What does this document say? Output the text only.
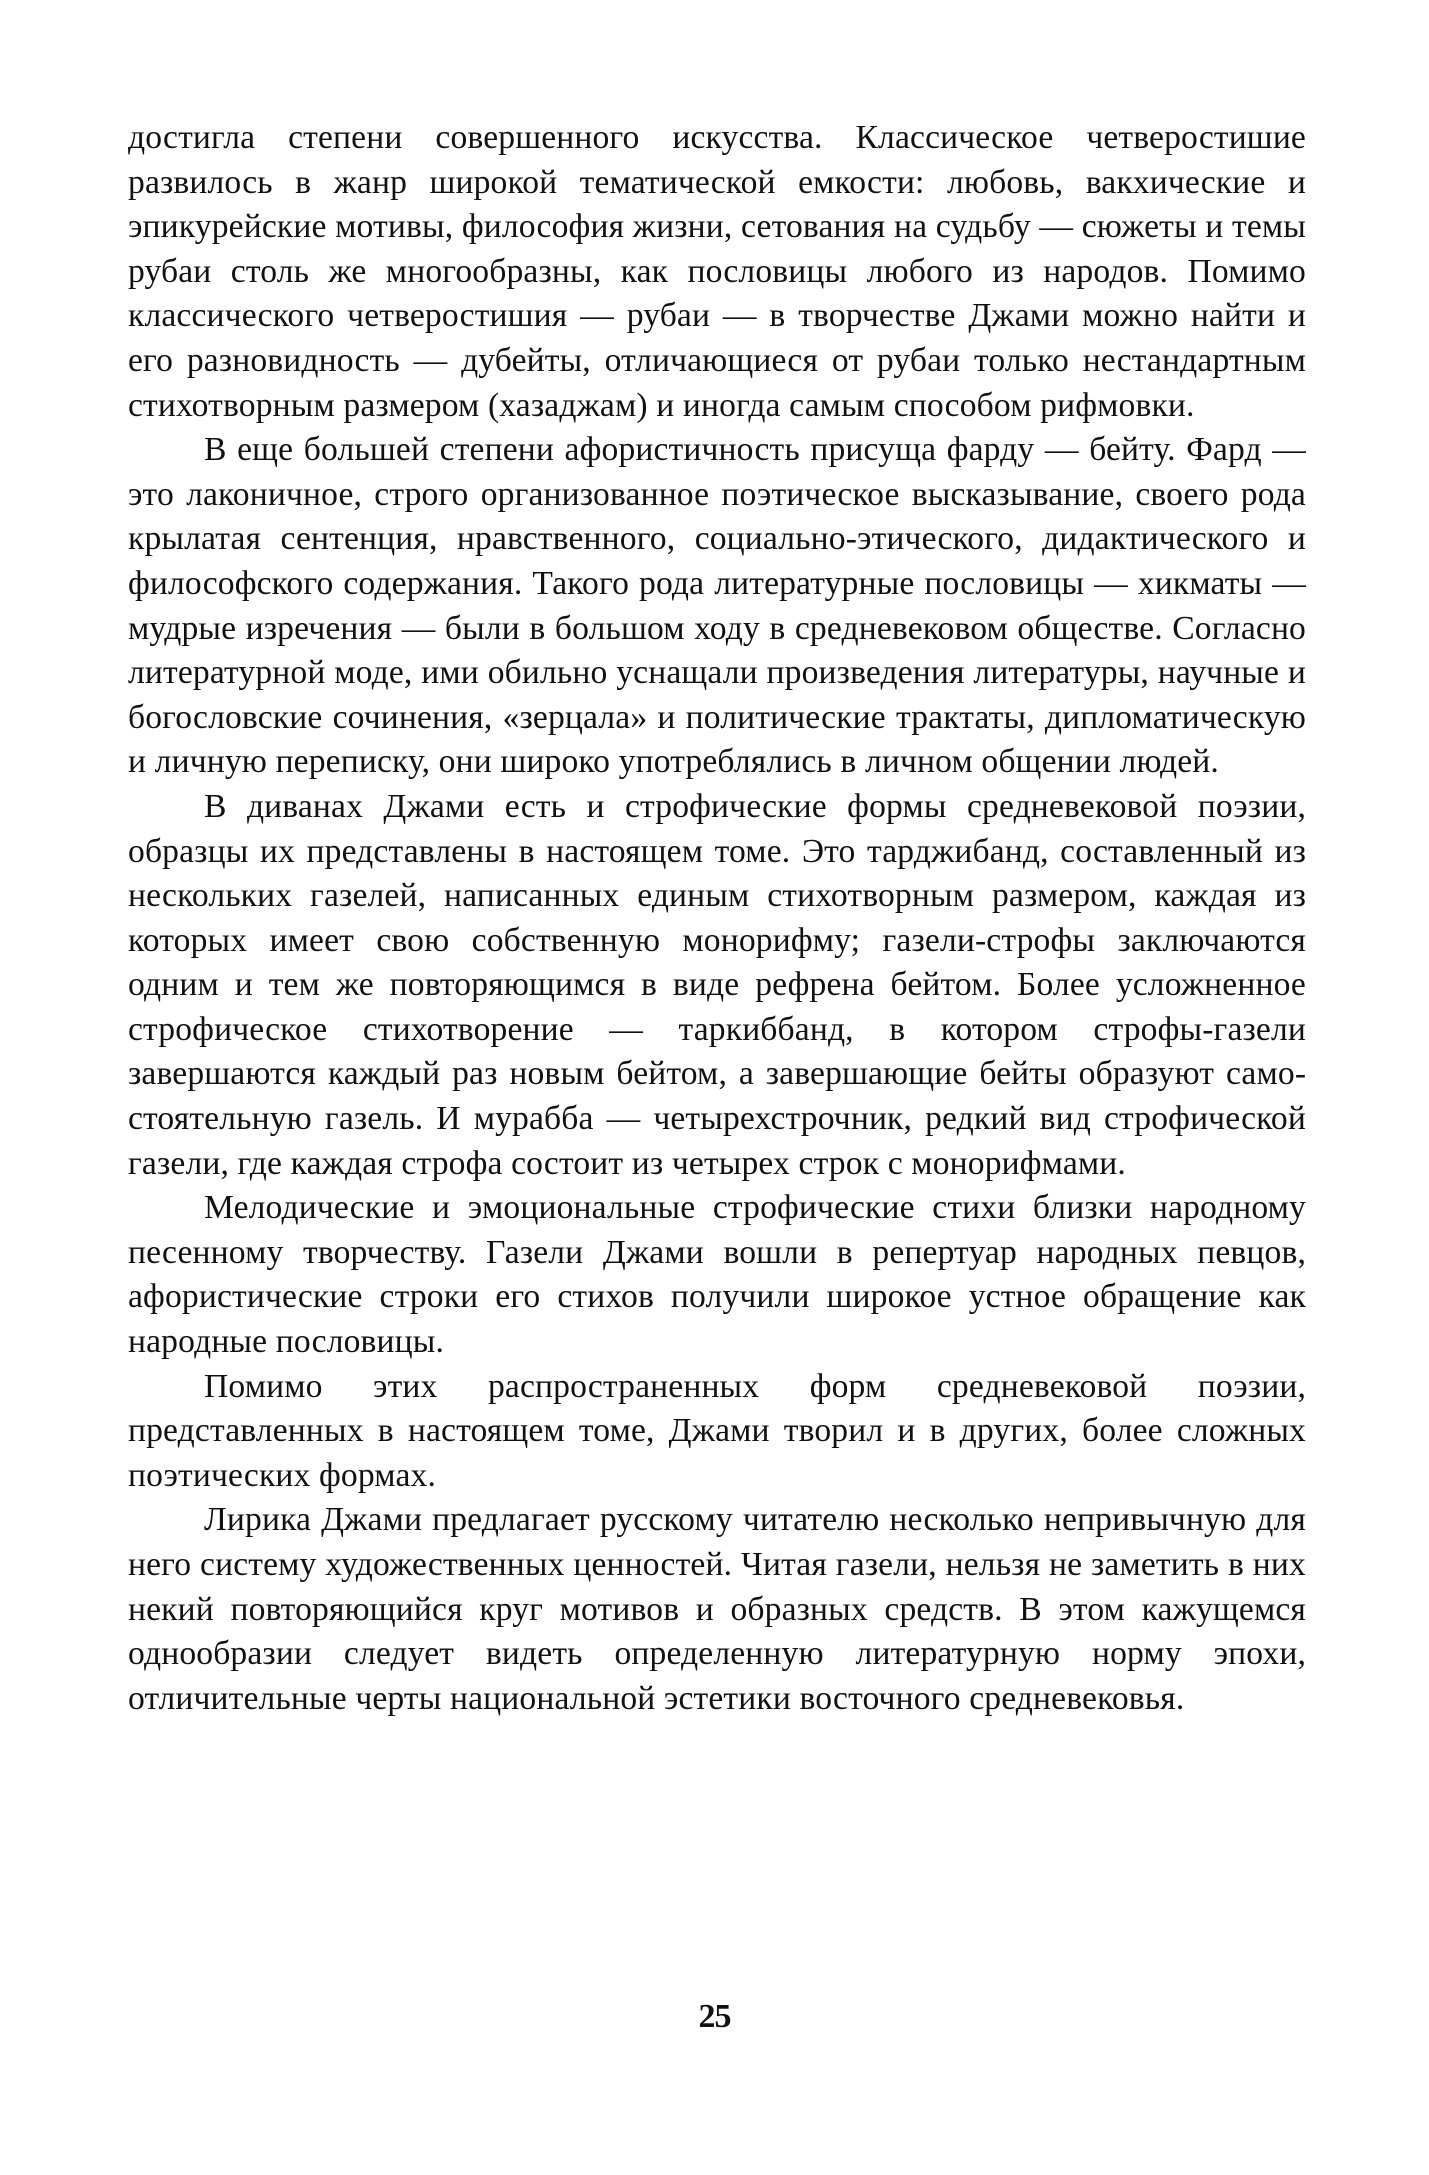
достигла степени совершенного искусства. Классическое четверостишие развилось в жанр широкой тематической емкости: любовь, вакхические и эпикурейские мотивы, философия жизни, сетования на судьбу — сюжеты и темы рубаи столь же многообразны, как пословицы любого из народов. Помимо классического четверостишия — рубаи — в творчестве Джами можно найти и его разновидность — дубейты, отличающиеся от рубаи только нестандартным стихотворным размером (хазаджам) и иногда самым способом рифмовки.

В еще большей степени афористичность присуща фарду — бейту. Фард — это лаконичное, строго организованное поэтическое высказывание, своего рода крылатая сентенция, нравственного, социально-этического, дидактического и философского содержания. Такого рода литературные пословицы — хикматы — мудрые изречения — были в большом ходу в средневековом обществе. Согласно литературной моде, ими обильно уснащали произведения литературы, научные и богословские сочинения, «зерцала» и политические трактаты, дипломатическую и личную переписку, они широко употреблялись в личном общении людей.

В диванах Джами есть и строфические формы средневековой поэзии, образцы их представлены в настоящем томе. Это тарджибанд, составленный из нескольких газелей, написанных единым стихотворным размером, каждая из которых имеет свою собственную монорифму; газели-строфы заключаются одним и тем же повторяющимся в виде рефрена бейтом. Более усложненное строфическое стихотворение — таркиббанд, в котором строфы-газели завершаются каждый раз новым бейтом, а завершающие бейты образуют самостоятельную газель. И мурабба — четырехстрочник, редкий вид строфической газели, где каждая строфа состоит из четырех строк с монорифмами.

Мелодические и эмоциональные строфические стихи близки народному песенному творчеству. Газели Джами вошли в репертуар народных певцов, афористические строки его стихов получили широкое устное обращение как народные пословицы.

Помимо этих распространенных форм средневековой поэзии, представленных в настоящем томе, Джами творил и в других, более сложных поэтических формах.

Лирика Джами предлагает русскому читателю несколько непривычную для него систему художественных ценностей. Читая газели, нельзя не заметить в них некий повторяющийся круг мотивов и образных средств. В этом кажущемся однообразии следует видеть определенную литературную норму эпохи, отличительные черты национальной эстетики восточного средневековья.

25
